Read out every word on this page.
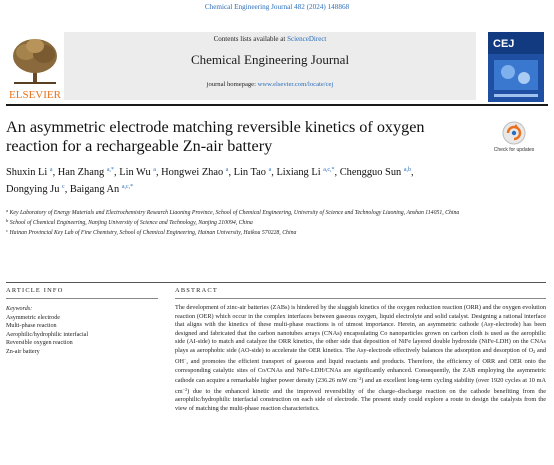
Chemical Engineering Journal 482 (2024) 148868
ELSEVIER
Contents lists available at ScienceDirect
Chemical Engineering Journal
journal homepage: www.elsevier.com/locate/cej
CEJ
An asymmetric electrode matching reversible kinetics of oxygen reaction for a rechargeable Zn-air battery	Check for updates
Shuxin Li $^a$, Han Zhang $^{a,*}$, Lin Wu $^a$, Hongwei Zhao $^a$, Lin Tao $^a$, Lixiang Li $^{a,c,*}$, Chengguo Sun $^{a,b}$,
Dongying Ju $^c$, Baigang An $^{a,c,*}$
$^a$ Key Laboratory of Energy Materials and Electrochemistry Research Liaoning Province, School of Chemical Engineering, University of Science and Technology Liaoning, Anshan 114051, China
$^b$ School of Chemical Engineering, Nanjing University of Science and Technology, Nanjing 210094, China
$^c$ Hainan Provincial Key Lab of Fine Chemistry, School of Chemical Engineering, Hainan University, Haikou 570228, China
ARTICLE INFO	ABSTRACT
Keywords:
Asymmetric electrode
Multi-phase reaction
Aerophilic/hydrophilic interfacial
Reversible oxygen reaction
Zn-air battery
The development of zinc-air batteries (ZABs) is hindered by the sluggish kinetics of the oxygen reduction reaction (ORR) and the oxygen evolution reaction (OER) which occur in the complex interfaces between gaseous oxygen, liquid electrolyte and solid catalyst. Designing a rational interface that aligns with the kinetics of these multi-phase reactions is of utmost importance. Herein, an asymmetric cathode (Asy-electrode) has been designed and fabricated that the carbon nanotubes arrays (CNAs) encapsulating Co nanoparticles grown on carbon cloth is used as the aerophilic side (AI-side) to match and catalyze the ORR kinetics, the other side that deposition of NiFe layered double hydroxide (NiFe-LDH) on the CNAs plays as aerophobic side (AO-side) to accelerate the OER kinetics. The Asy-electrode effectively balances the adsorption and desorption of $O_2$ and OH−, and promotes the efficient transport of gaseous and liquid reactants and products. Therefore, the efficiency of ORR and OER onto the corresponding catalytic sites of Co/CNAs and NiFe-LDH/CNAs are significantly enhanced. Consequently, the ZAB employing the asymmetric cathode can acquire a remarkable higher power density (236.26 mW $cm^{-2}$) and an excellent long-term cycling stability (over 1920 cycles at 10 mA $cm^{-2}$) due to the enhanced kinetic and the improved reversibility of the charge–discharge reaction on the cathode benefiting from the aerophilic/hydrophilic interfacial construction on each side of electrode. The present study could explore a route to design the catalysts from the view of matching the multi-phase reaction characteristics.
